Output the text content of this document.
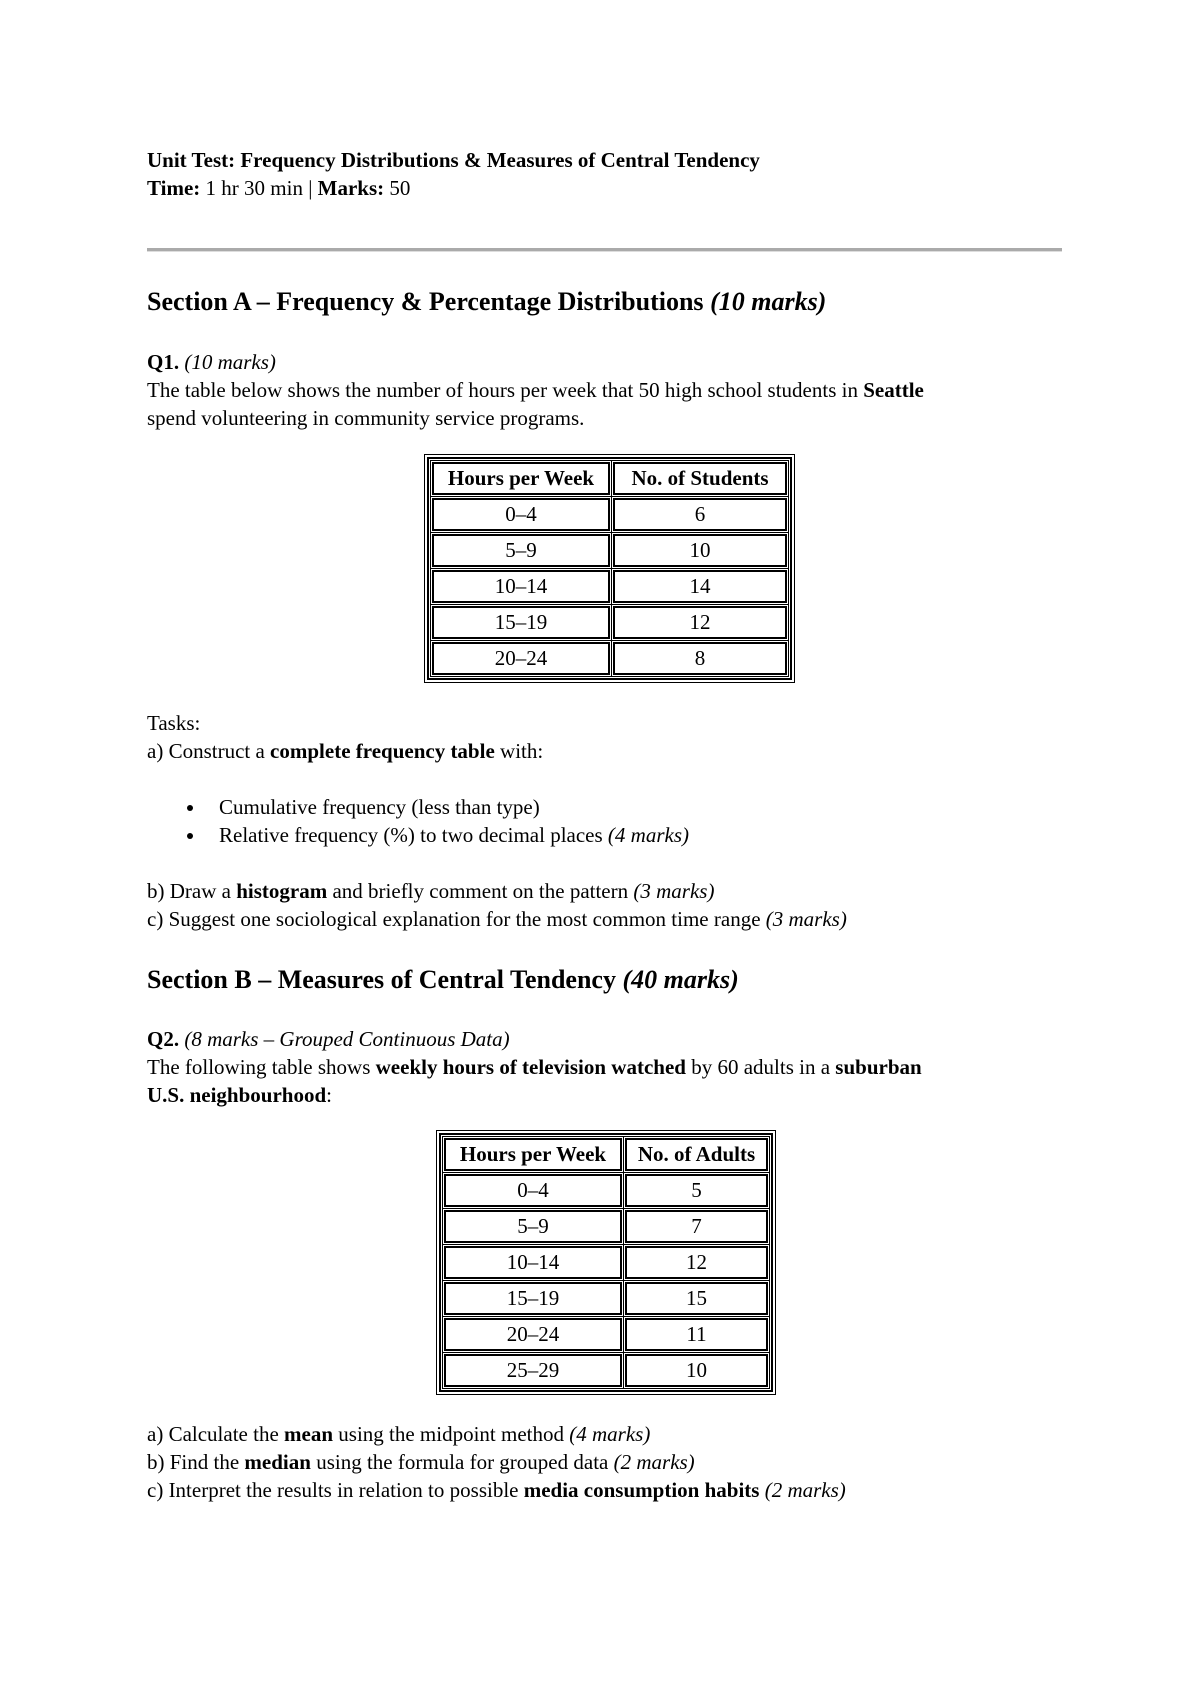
Unit Test: Frequency Distributions & Measures of Central Tendency
Time: 1 hr 30 min | Marks: 50
Section A – Frequency & Percentage Distributions (10 marks)
Q1. (10 marks)
The table below shows the number of hours per week that 50 high school students in Seattle
spend volunteering in community service programs.
Hours per Week	No. of Students
0–4	6
5–9	10
10–14	14
15–19	12
20–24	8
Tasks:
a) Construct a complete frequency table with:
Cumulative frequency (less than type)
Relative frequency (%) to two decimal places (4 marks)
b) Draw a histogram and briefly comment on the pattern (3 marks)
c) Suggest one sociological explanation for the most common time range (3 marks)
Section B – Measures of Central Tendency (40 marks)
Q2. (8 marks – Grouped Continuous Data)
The following table shows weekly hours of television watched by 60 adults in a suburban
U.S. neighbourhood:
Hours per Week	No. of Adults
0–4	5
5–9	7
10–14	12
15–19	15
20–24	11
25–29	10
a) Calculate the mean using the midpoint method (4 marks)
b) Find the median using the formula for grouped data (2 marks)
c) Interpret the results in relation to possible media consumption habits (2 marks)
